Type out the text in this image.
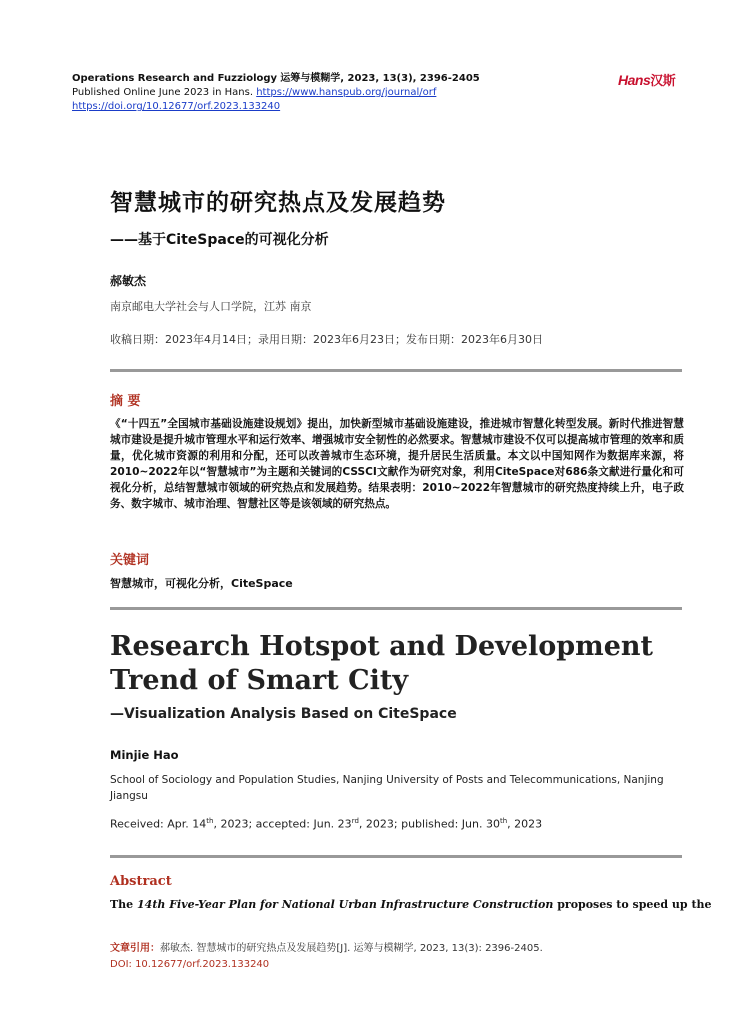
Operations Research and Fuzziology 运筹与模糊学, 2023, 13(3), 2396-2405
Published Online June 2023 in Hans. https://www.hanspub.org/journal/orf
https://doi.org/10.12677/orf.2023.133240
Hans汉斯
智慧城市的研究热点及发展趋势
——基于CiteSpace的可视化分析
郝敏杰
南京邮电大学社会与人口学院，江苏 南京
收稿日期：2023年4月14日；录用日期：2023年6月23日；发布日期：2023年6月30日
摘 要
《“十四五”全国城市基础设施建设规划》提出，加快新型城市基础设施建设，推进城市智慧化转型发展。新时代推进智慧城市建设是提升城市管理水平和运行效率、增强城市安全韧性的必然要求。智慧城市建设不仅可以提高城市管理的效率和质量，优化城市资源的利用和分配，还可以改善城市生态环境，提升居民生活质量。本文以中国知网作为数据库来源，将2010~2022年以“智慧城市”为主题和关键词的CSSCI文献作为研究对象，利用CiteSpace对686条文献进行量化和可视化分析，总结智慧城市领域的研究热点和发展趋势。结果表明：2010~2022年智慧城市的研究热度持续上升，电子政务、数字城市、城市治理、智慧社区等是该领域的研究热点。
关键词
智慧城市，可视化分析，CiteSpace
Research Hotspot and Development Trend of Smart City
—Visualization Analysis Based on CiteSpace
Minjie Hao
School of Sociology and Population Studies, Nanjing University of Posts and Telecommunications, Nanjing Jiangsu
Received: Apr. 14th, 2023; accepted: Jun. 23rd, 2023; published: Jun. 30th, 2023
Abstract
The 14th Five-Year Plan for National Urban Infrastructure Construction proposes to speed up the
文章引用：郝敏杰. 智慧城市的研究热点及发展趋势[J]. 运筹与模糊学, 2023, 13(3): 2396-2405.
DOI: 10.12677/orf.2023.133240
